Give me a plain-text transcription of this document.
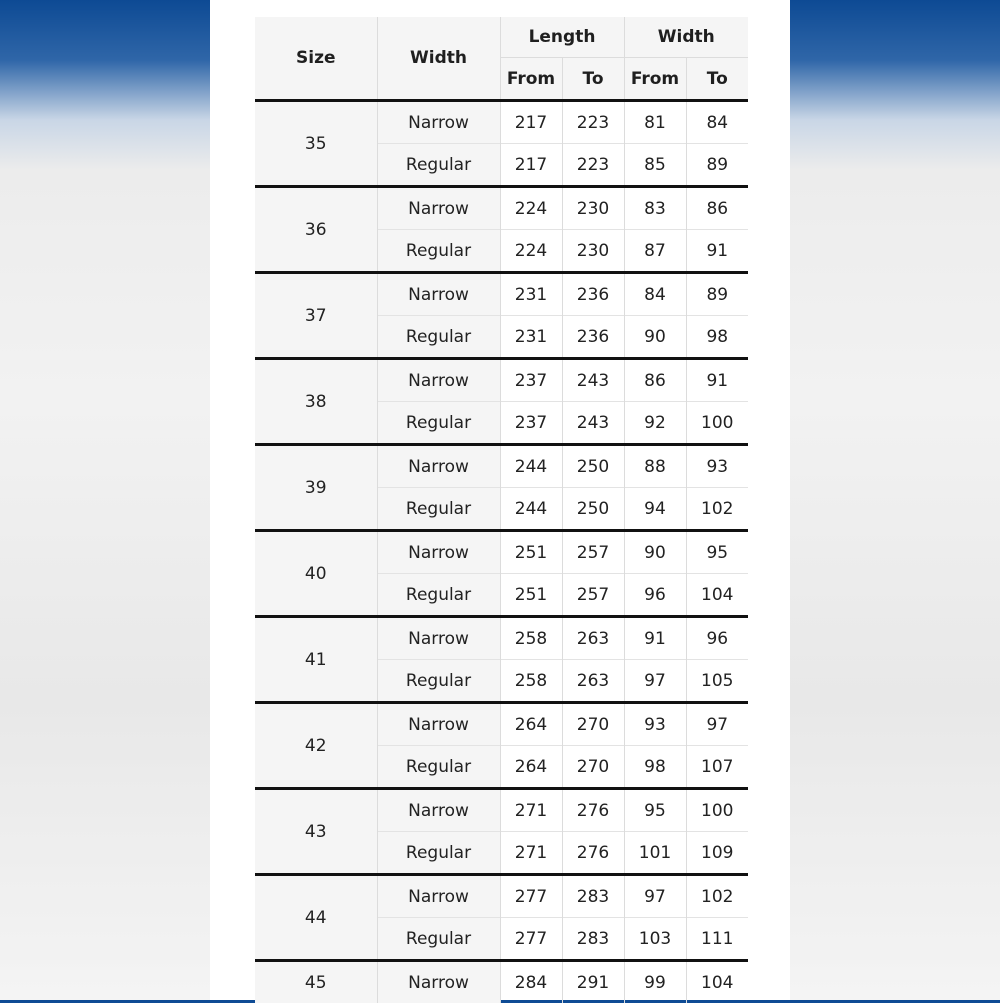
Size	Width	Length		Width	
		From	To	From	To
35	Narrow	217	223	81	84
	Regular	217	223	85	89
36	Narrow	224	230	83	86
	Regular	224	230	87	91
37	Narrow	231	236	84	89
	Regular	231	236	90	98
38	Narrow	237	243	86	91
	Regular	237	243	92	100
39	Narrow	244	250	88	93
	Regular	244	250	94	102
40	Narrow	251	257	90	95
	Regular	251	257	96	104
41	Narrow	258	263	91	96
	Regular	258	263	97	105
42	Narrow	264	270	93	97
	Regular	264	270	98	107
43	Narrow	271	276	95	100
	Regular	271	276	101	109
44	Narrow	277	283	97	102
	Regular	277	283	103	111
45	Narrow	284	291	99	104
